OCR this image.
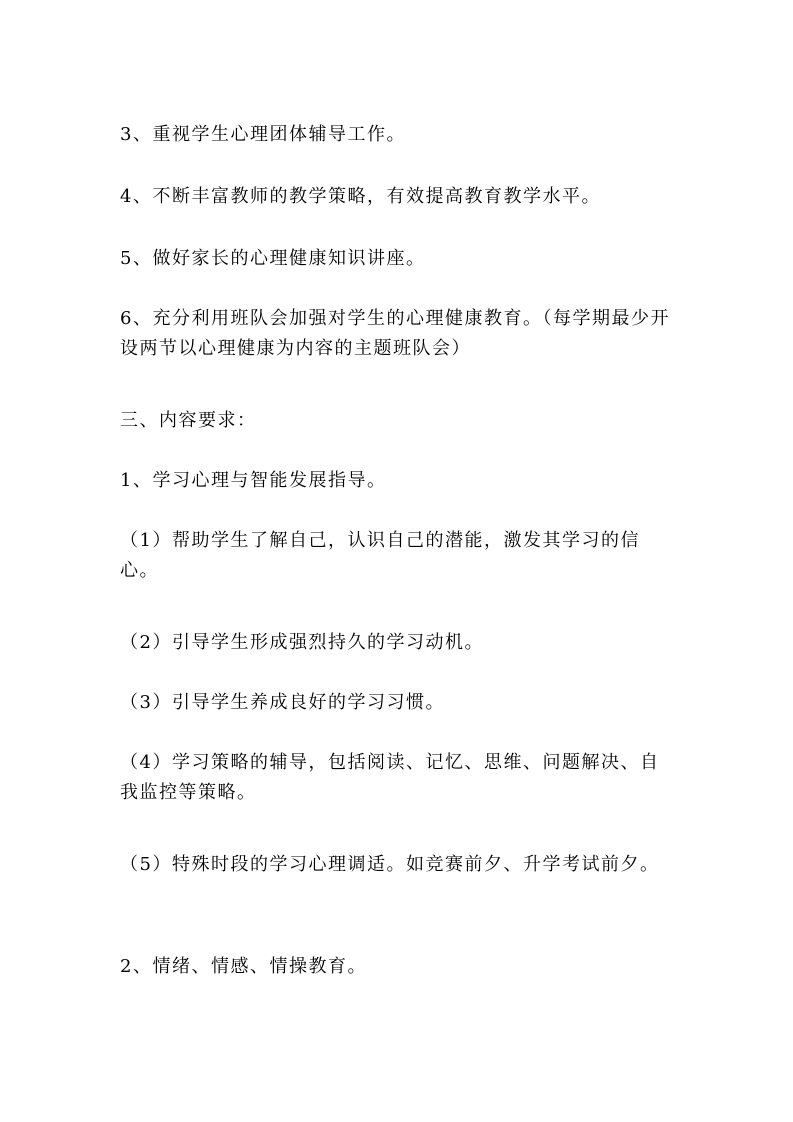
3、重视学生心理团体辅导工作。

4、不断丰富教师的教学策略，有效提高教育教学水平。

5、做好家长的心理健康知识讲座。

6、充分利用班队会加强对学生的心理健康教育。（每学期最少开设两节以心理健康为内容的主题班队会）

三、内容要求：

1、学习心理与智能发展指导。

（1）帮助学生了解自己，认识自己的潜能，激发其学习的信心。

（2）引导学生形成强烈持久的学习动机。

（3）引导学生养成良好的学习习惯。

（4）学习策略的辅导，包括阅读、记忆、思维、问题解决、自我监控等策略。

（5）特殊时段的学习心理调适。如竞赛前夕、升学考试前夕。

2、情绪、情感、情操教育。
